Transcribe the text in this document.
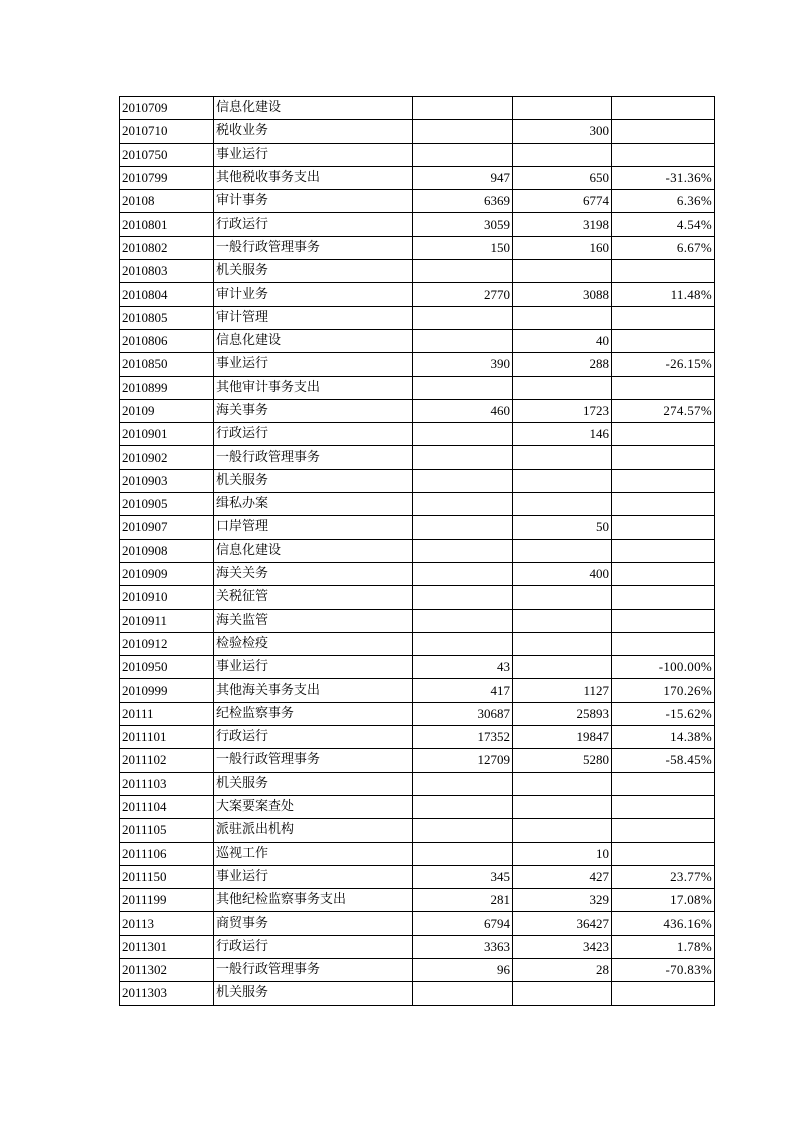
2010709	信息化建设			
2010710	税收业务		300	
2010750	事业运行			
2010799	其他税收事务支出	947	650	-31.36%
20108	审计事务	6369	6774	6.36%
2010801	行政运行	3059	3198	4.54%
2010802	一般行政管理事务	150	160	6.67%
2010803	机关服务			
2010804	审计业务	2770	3088	11.48%
2010805	审计管理			
2010806	信息化建设		40	
2010850	事业运行	390	288	-26.15%
2010899	其他审计事务支出			
20109	海关事务	460	1723	274.57%
2010901	行政运行		146	
2010902	一般行政管理事务			
2010903	机关服务			
2010905	缉私办案			
2010907	口岸管理		50	
2010908	信息化建设			
2010909	海关关务		400	
2010910	关税征管			
2010911	海关监管			
2010912	检验检疫			
2010950	事业运行	43		-100.00%
2010999	其他海关事务支出	417	1127	170.26%
20111	纪检监察事务	30687	25893	-15.62%
2011101	行政运行	17352	19847	14.38%
2011102	一般行政管理事务	12709	5280	-58.45%
2011103	机关服务			
2011104	大案要案查处			
2011105	派驻派出机构			
2011106	巡视工作		10	
2011150	事业运行	345	427	23.77%
2011199	其他纪检监察事务支出	281	329	17.08%
20113	商贸事务	6794	36427	436.16%
2011301	行政运行	3363	3423	1.78%
2011302	一般行政管理事务	96	28	-70.83%
2011303	机关服务			
